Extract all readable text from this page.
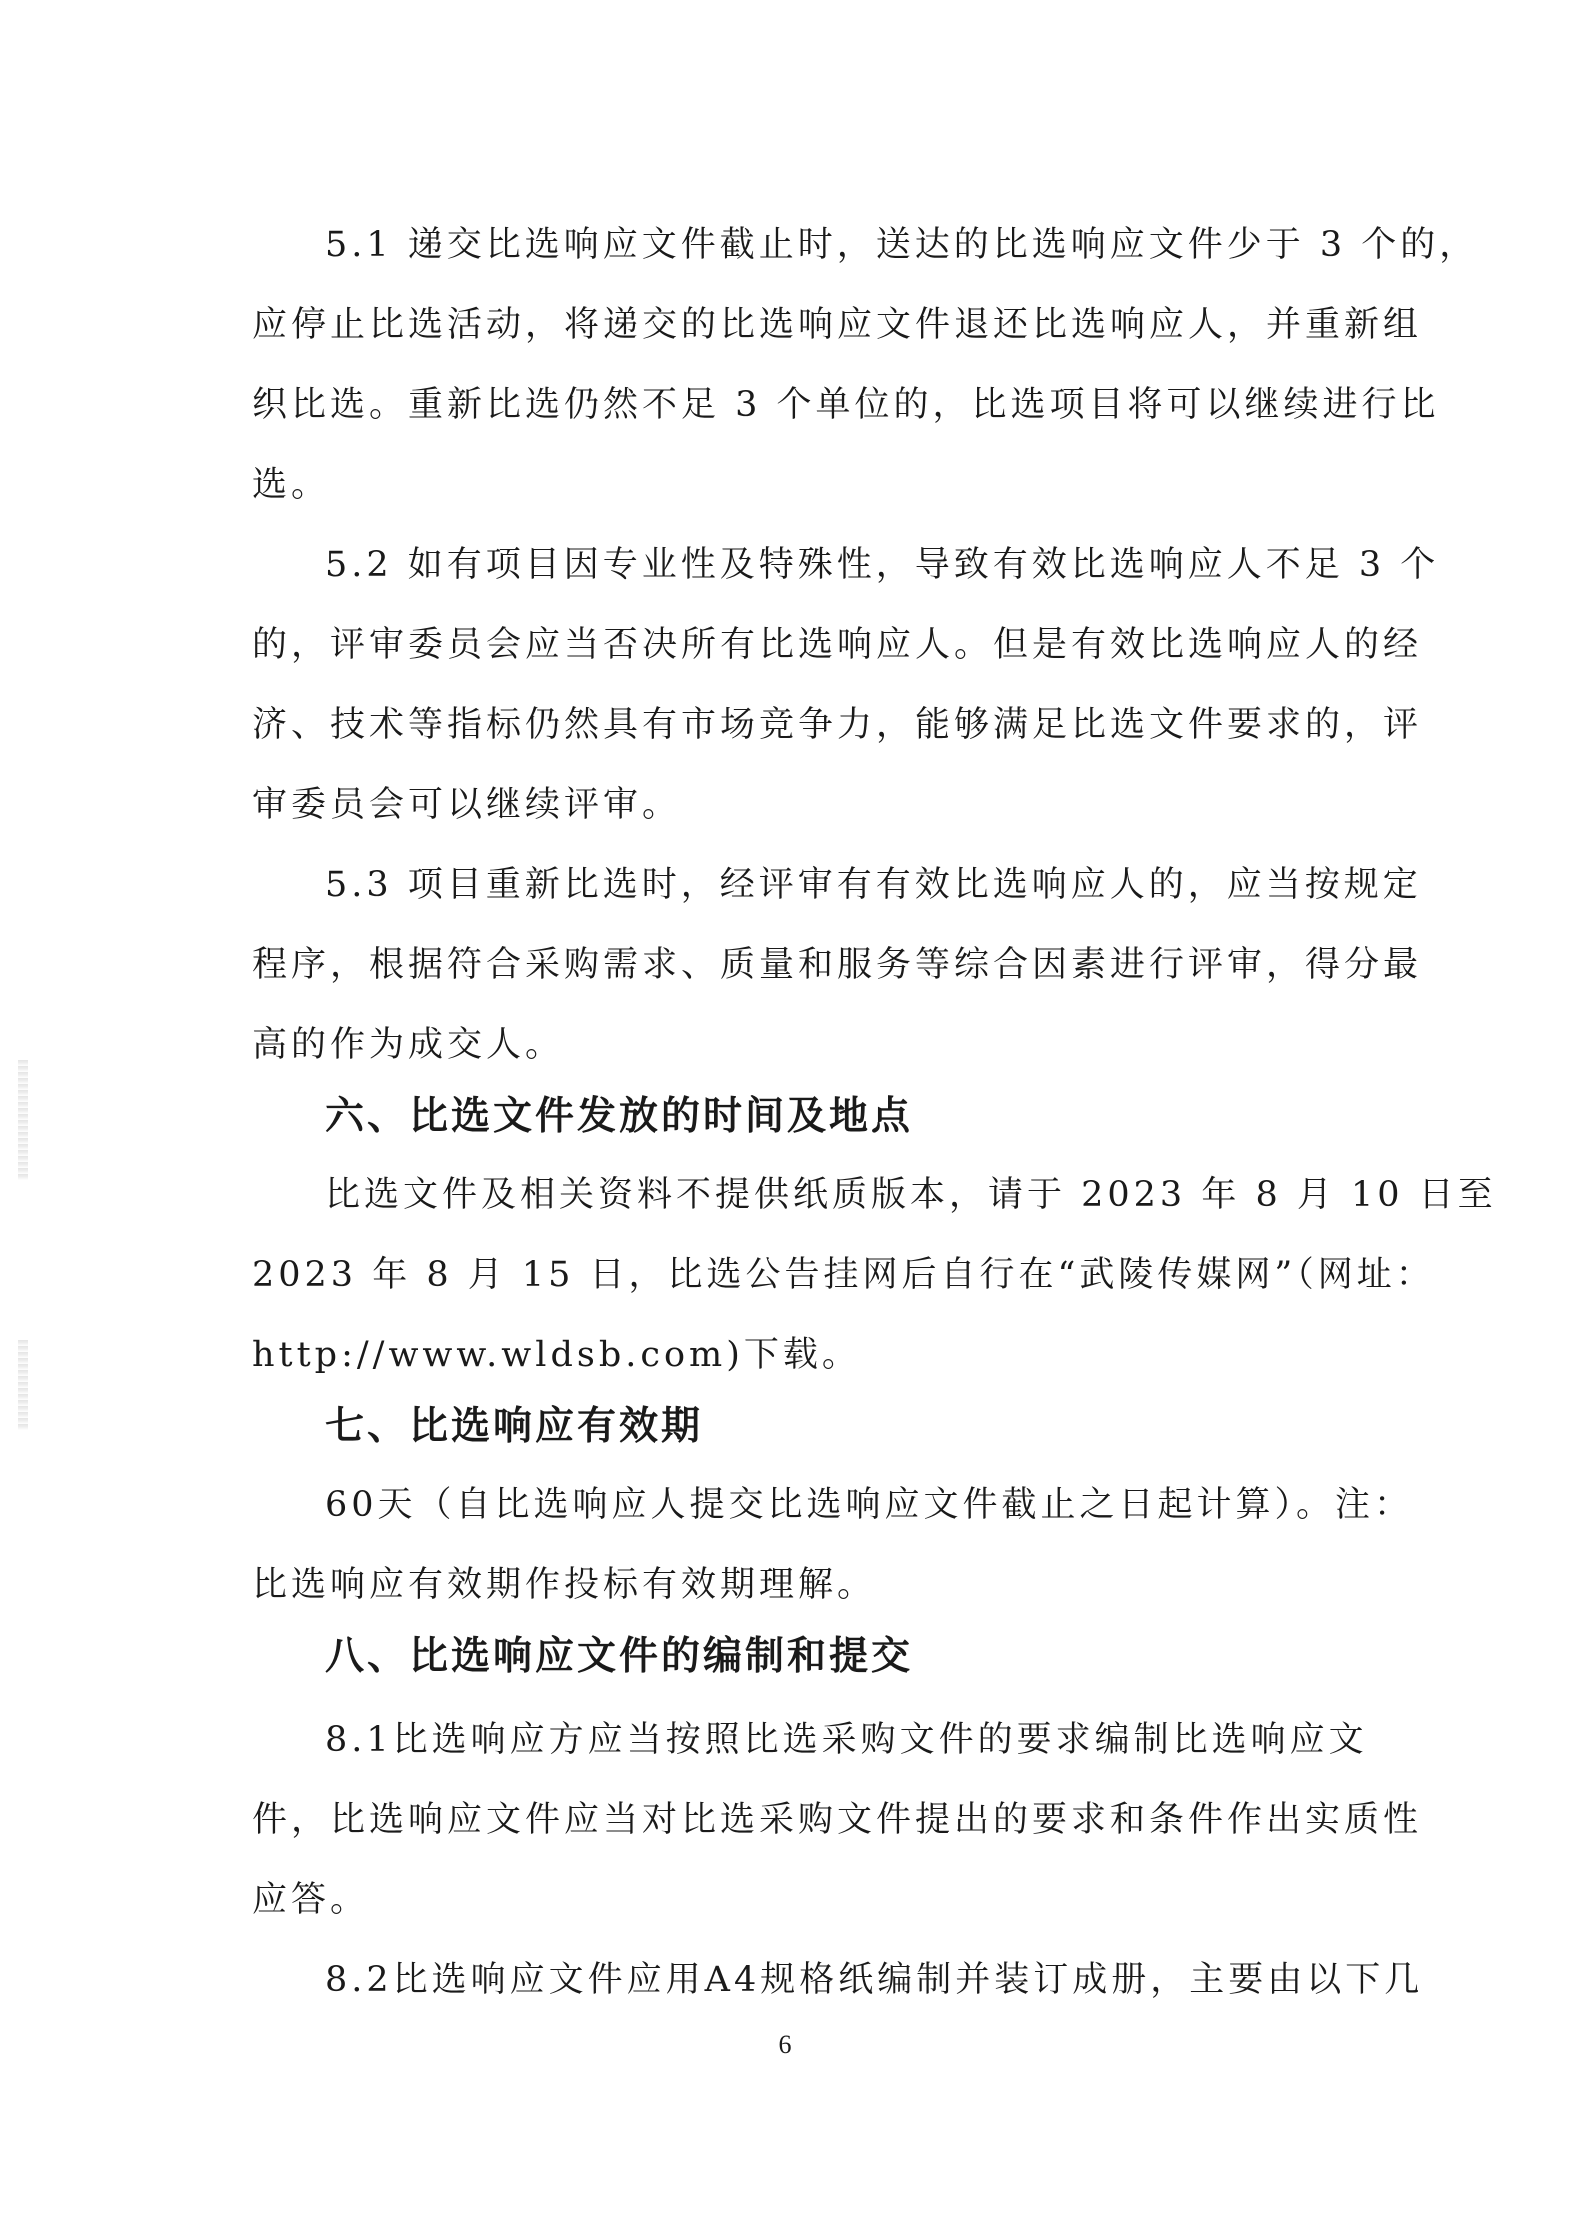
5.1 递交比选响应文件截止时，送达的比选响应文件少于 3 个的，
应停止比选活动，将递交的比选响应文件退还比选响应人，并重新组
织比选。重新比选仍然不足 3 个单位的，比选项目将可以继续进行比
选。
5.2 如有项目因专业性及特殊性，导致有效比选响应人不足 3 个
的，评审委员会应当否决所有比选响应人。但是有效比选响应人的经
济、技术等指标仍然具有市场竞争力，能够满足比选文件要求的，评
审委员会可以继续评审。
5.3 项目重新比选时，经评审有有效比选响应人的，应当按规定
程序，根据符合采购需求、质量和服务等综合因素进行评审，得分最
高的作为成交人。
六、比选文件发放的时间及地点
比选文件及相关资料不提供纸质版本，请于 2023 年 8 月 10 日至
2023 年 8 月 15 日，比选公告挂网后自行在“武陵传媒网”（网址：
http://www.wldsb.com)下载。
七、比选响应有效期
60天（自比选响应人提交比选响应文件截止之日起计算）。注：
比选响应有效期作投标有效期理解。
八、比选响应文件的编制和提交
8.1比选响应方应当按照比选采购文件的要求编制比选响应文
件，比选响应文件应当对比选采购文件提出的要求和条件作出实质性
应答。
8.2比选响应文件应用A4规格纸编制并装订成册，主要由以下几
6
